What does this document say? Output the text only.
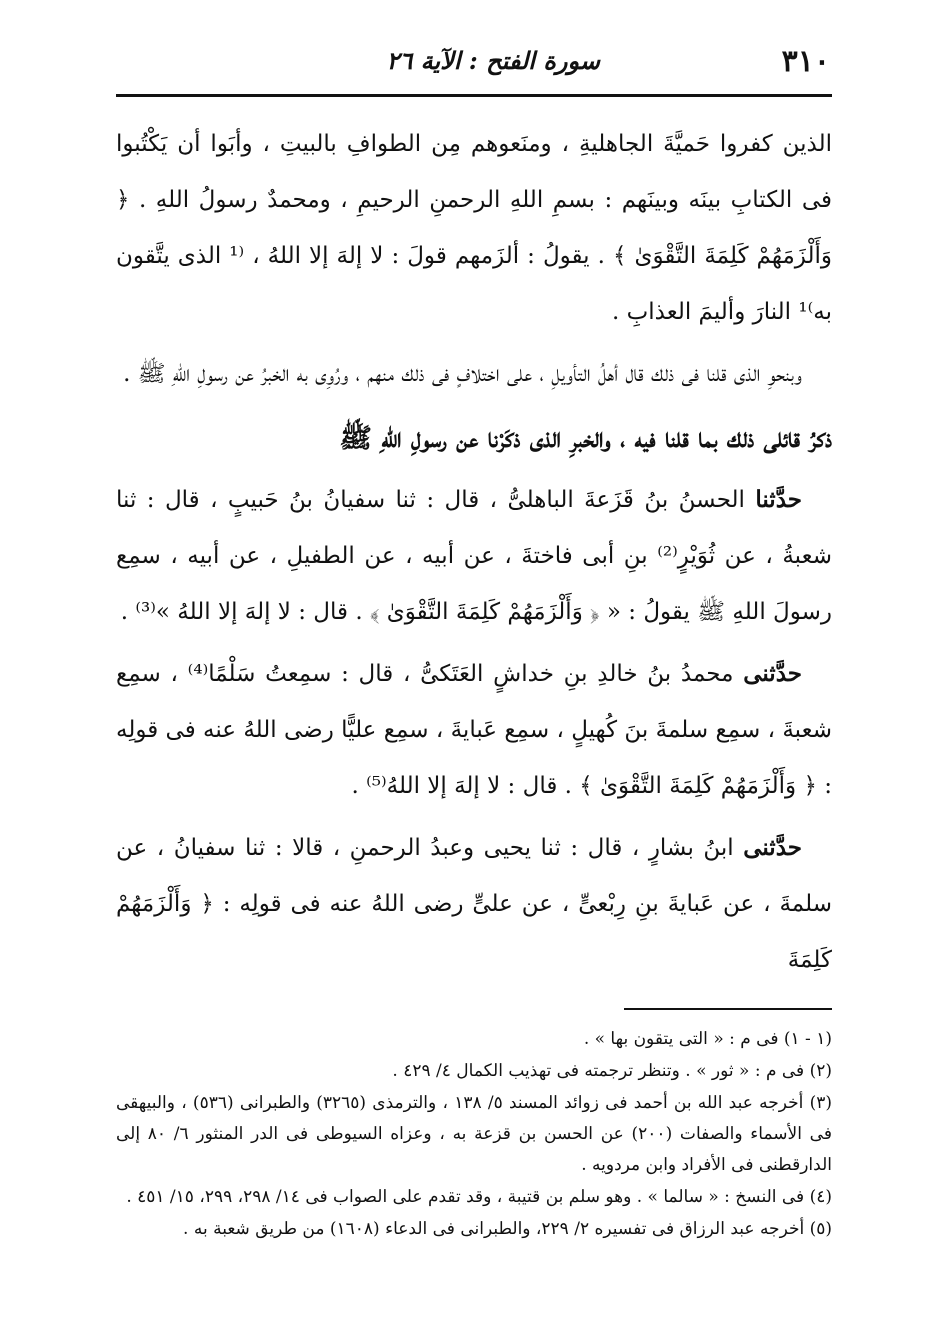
٣١٠
سورة الفتح : الآية ٢٦

الذين كفروا حَميَّةَ الجاهليةِ ، ومنَعوهم مِن الطوافِ بالبيتِ ، وأبَوا أن يَكْتُبوا فى الكتابِ بينَه وبينَهم : بسمِ اللهِ الرحمنِ الرحيمِ ، ومحمدٌ رسولُ اللهِ . ﴿ وَأَلْزَمَهُمْ كَلِمَةَ التَّقْوَىٰ ﴾ . يقولُ : ألزَمهم قولَ : لا إلهَ إلا اللهُ ، ⁽¹ الذى يتَّقون به⁾¹ النارَ وأليمَ العذابِ .

وبنحوِ الذى قلنا فى ذلك قال أهلُ التأويلِ ، على اختلافٍ فى ذلك منهم ، ورُوِى به الخبرُ عن رسولِ اللهِ ﷺ .

ذكرُ قائلى ذلك بما قلنا فيه ، والخبرِ الذى ذكَرْنا عن رسولِ اللهِ ﷺ

حدَّثنا الحسنُ بنُ قَزَعةَ الباهلىُّ ، قال : ثنا سفيانُ بنُ حَبيبٍ ، قال : ثنا شعبةُ ، عن ثُوَيْرٍ⁽²⁾ بنِ أبى فاختةَ ، عن أبيه ، عن الطفيلِ ، عن أبيه ، سمِع رسولَ اللهِ ﷺ يقولُ : « ﴿ وَأَلْزَمَهُمْ كَلِمَةَ التَّقْوَىٰ ﴾ . قال : لا إلهَ إلا اللهُ »⁽³⁾ .

حدَّثنى محمدُ بنُ خالدِ بنِ خداشٍ العَتَكىُّ ، قال : سمِعتُ سَلْمًا⁽⁴⁾ ، سمِع شعبةَ ، سمِع سلمةَ بنَ كُهيلٍ ، سمِع عَبايةَ ، سمِع عليًّا رضى اللهُ عنه فى قولِه : ﴿ وَأَلْزَمَهُمْ كَلِمَةَ التَّقْوَىٰ ﴾ . قال : لا إلهَ إلا اللهُ⁽⁵⁾ .

حدَّثنى ابنُ بشارٍ ، قال : ثنا يحيى وعبدُ الرحمنِ ، قالا : ثنا سفيانُ ، عن سلمةَ ، عن عَبايةَ بنِ رِبْعىٍّ ، عن علىٍّ رضى اللهُ عنه فى قولِه : ﴿ وَأَلْزَمَهُمْ كَلِمَةَ

(١ - ١) فى م : « التى يتقون بها » .

(٢) فى م : « ثور » . وتنظر ترجمته فى تهذيب الكمال ٤/ ٤٢٩ .

(٣) أخرجه عبد الله بن أحمد فى زوائد المسند ٥/ ١٣٨ ، والترمذى (٣٢٦٥) والطبرانى (٥٣٦) ، والبيهقى فى الأسماء والصفات (٢٠٠) عن الحسن بن قزعة به ، وعزاه السيوطى فى الدر المنثور ٦/ ٨٠ إلى الدارقطنى فى الأفراد وابن مردويه .

(٤) فى النسخ : « سالما » . وهو سلم بن قتيبة ، وقد تقدم على الصواب فى ١٤/ ٢٩٨، ٢٩٩، ١٥/ ٤٥١ .

(٥) أخرجه عبد الرزاق فى تفسيره ٢/ ٢٢٩، والطبرانى فى الدعاء (١٦٠٨) من طريق شعبة به .
